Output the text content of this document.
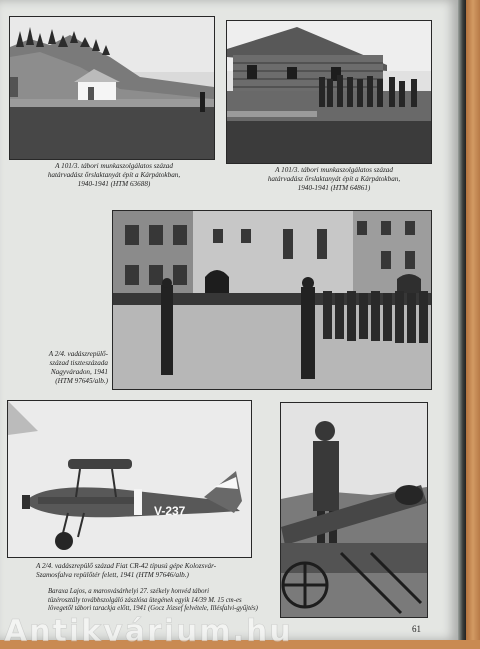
A 101/3. tábori munkaszolgálatos század
határvadász őrslaktanyát épít a Kárpátokban,
1940-1941 (HTM 63688)
A 101/3. tábori munkaszolgálatos század
határvadász őrslaktanyát épít a Kárpátokban,
1940-1941 (HTM 64861)
A 2/4. vadászrepülő-
század tiszteszázada
Nagyváradon, 1941
(HTM 97645/alb.)
V-237
A 2/4. vadászrepülő század Fiat CR-42 típusú gépe Kolozsvár-
Szamosfalva repülőtér felett, 1941 (HTM 97646/alb.)
Baraxa Lajos, a marosvásárhelyi 27. székely honvéd tábori
tüzérosztály továbbszolgáló zászlósa ütegének egyik 14/39 M. 15 cm-es
lövegetől tábori tarackja előtt, 1941 (Gocz József felvétele, Illésfalvi-gyűjtés)
Antikvárium.hu	61
